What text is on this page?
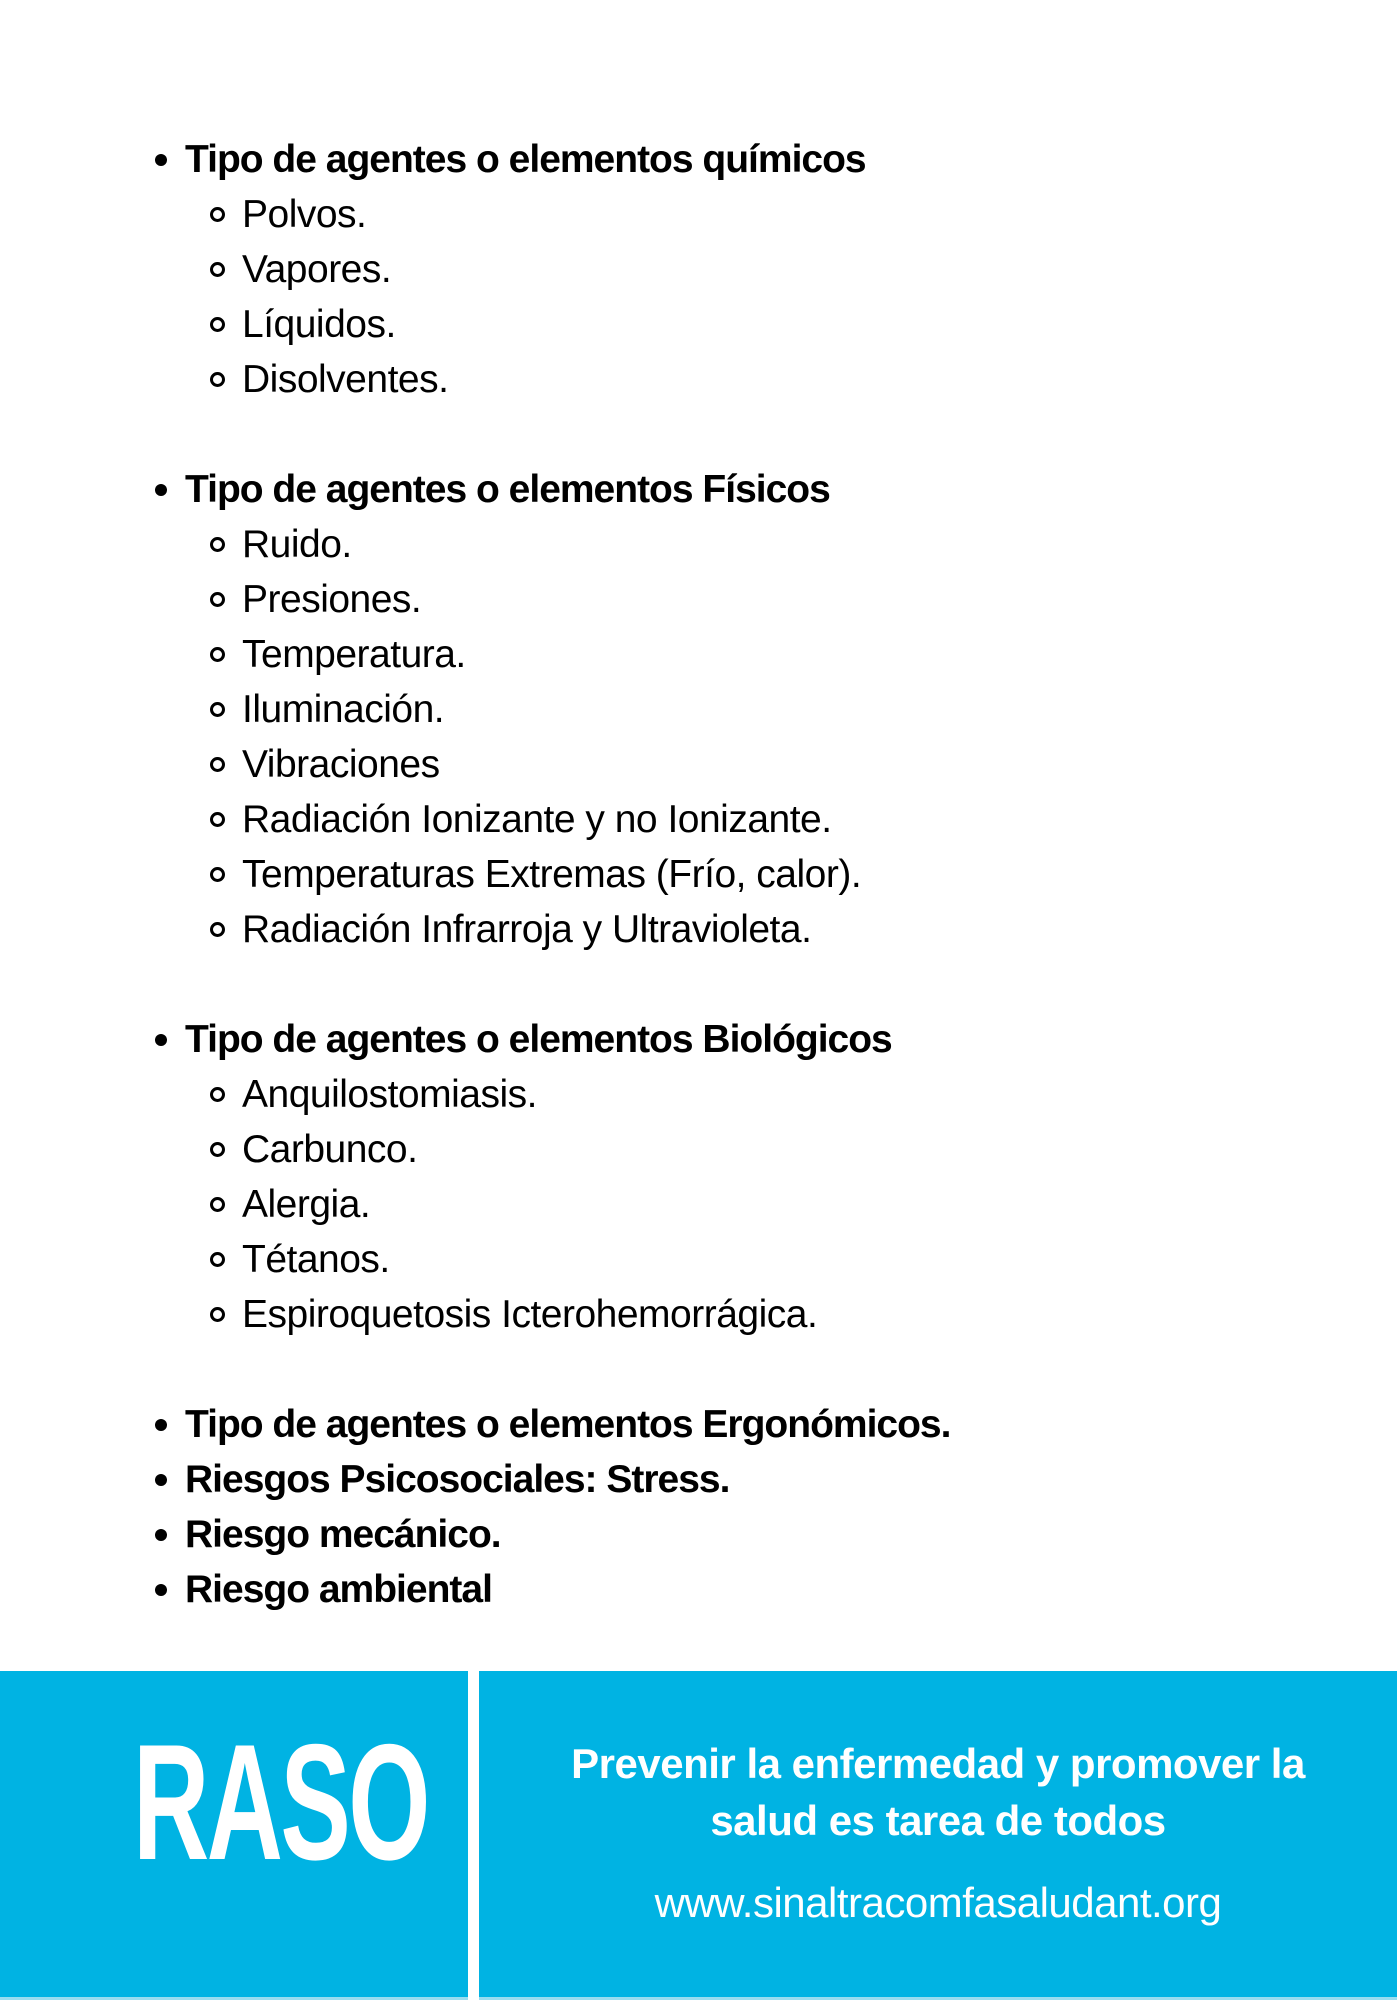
Tipo de agentes o elementos químicos
Polvos.
Vapores.
Líquidos.
Disolventes.
Tipo de agentes o elementos Físicos
Ruido.
Presiones.
Temperatura.
Iluminación.
Vibraciones
Radiación Ionizante y no Ionizante.
Temperaturas Extremas (Frío, calor).
Radiación Infrarroja y Ultravioleta.
Tipo de agentes o elementos Biológicos
Anquilostomiasis.
Carbunco.
Alergia.
Tétanos.
Espiroquetosis Icterohemorrágica.
Tipo de agentes o elementos Ergonómicos.
Riesgos Psicosociales: Stress.
Riesgo mecánico.
Riesgo ambiental
RASO	Prevenir la enfermedad y promover la
salud es tarea de todos
www.sinaltracomfasaludant.org
